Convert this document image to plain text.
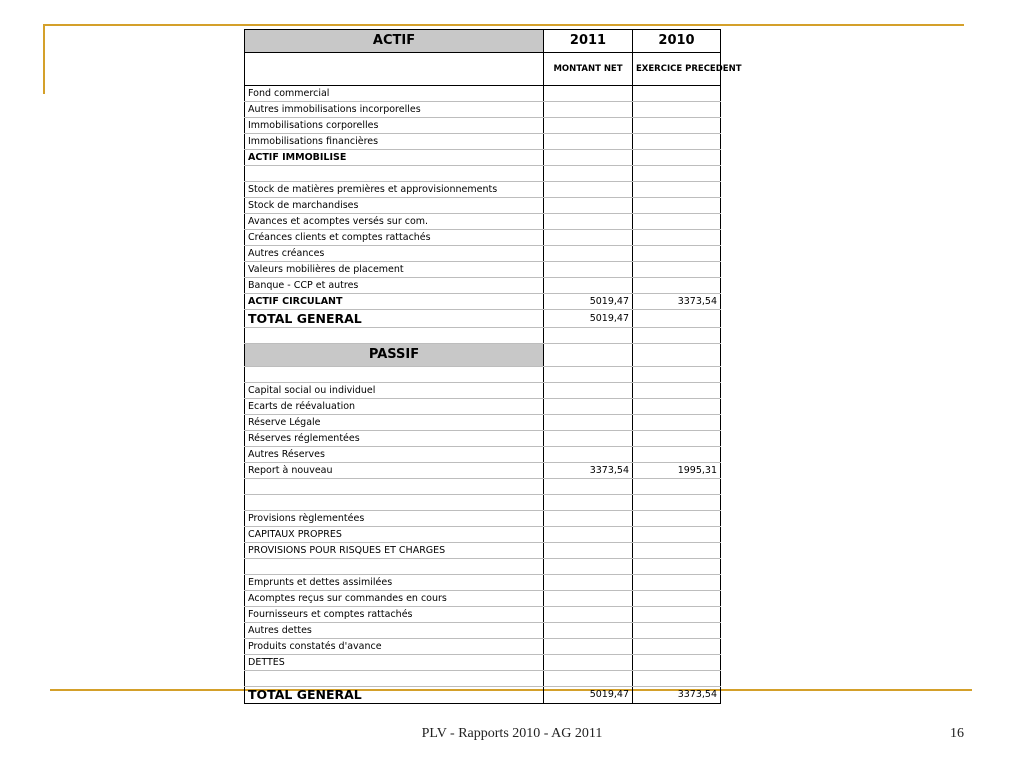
ACTIF	2011	2010
	MONTANT NET	EXERCICE PRECEDENT
Fond commercial		
Autres immobilisations incorporelles		
Immobilisations corporelles		
Immobilisations financières		
ACTIF IMMOBILISE		

Stock de matières premières et approvisionnements		
Stock de marchandises		
Avances et acomptes versés sur com.		
Créances clients et comptes rattachés		
Autres créances		
Valeurs mobilières de placement		
Banque - CCP et autres		
ACTIF CIRCULANT	5019,47	3373,54
TOTAL GENERAL	5019,47	

PASSIF		

Capital social ou individuel		
Ecarts de réévaluation		
Réserve Légale		
Réserves réglementées		
Autres Réserves		
Report à nouveau	3373,54	1995,31

Provisions règlementées		
CAPITAUX PROPRES		
PROVISIONS POUR RISQUES ET CHARGES		

Emprunts et dettes assimilées		
Acomptes reçus sur commandes en cours		
Fournisseurs et comptes rattachés		
Autres dettes		
Produits constatés d'avance		
DETTES		

TOTAL GENERAL	5019,47	3373,54
PLV - Rapports 2010 - AG 2011	16
